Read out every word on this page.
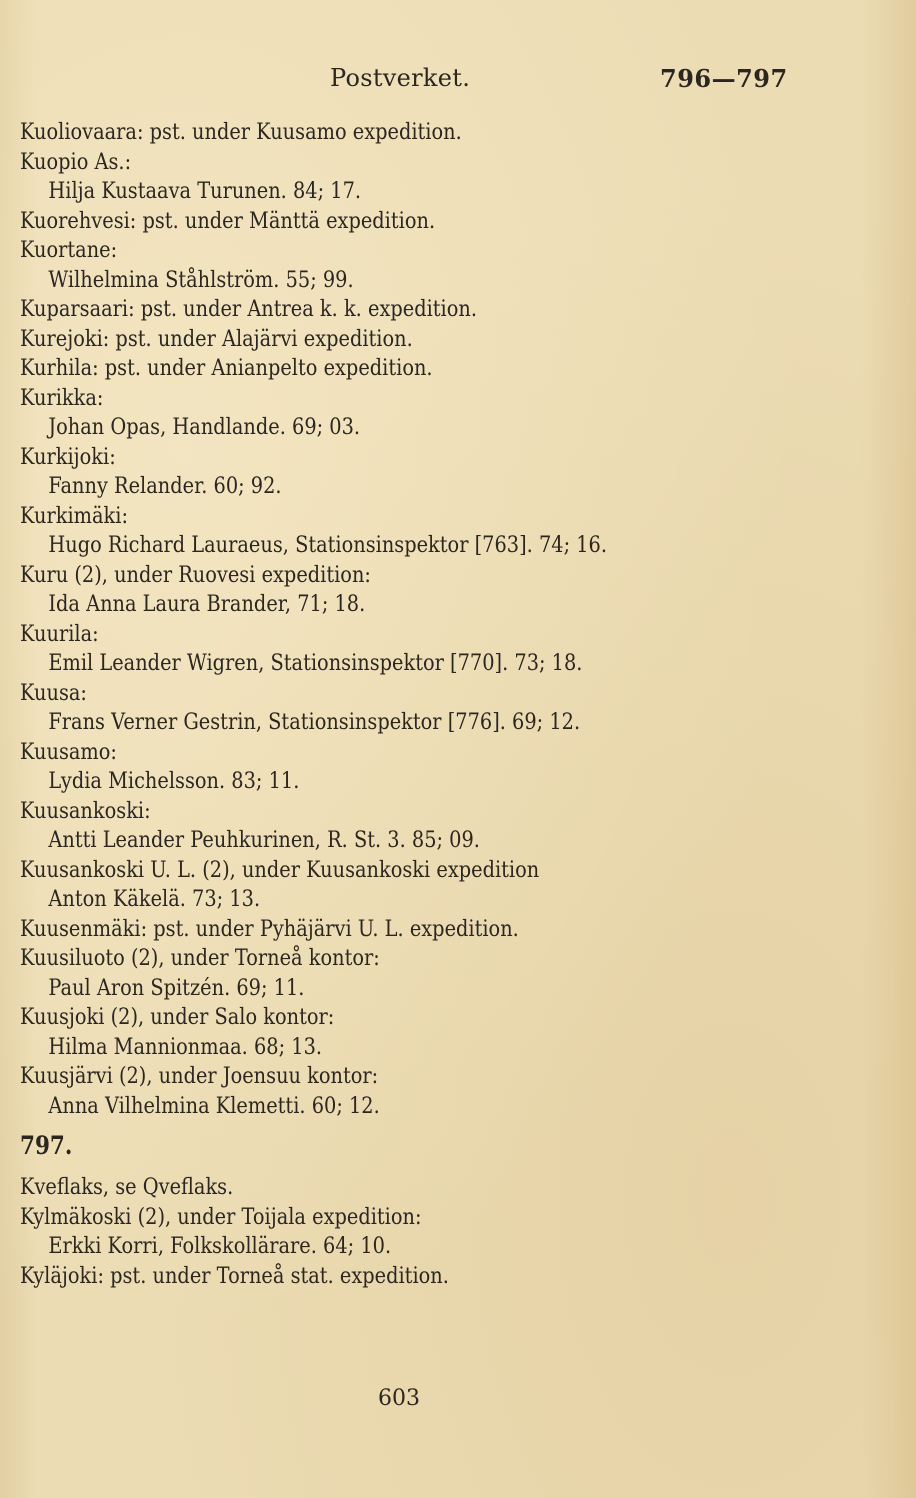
Postverket.	796—797
Kuoliovaara: pst. under Kuusamo expedition.
Kuopio As.:
Hilja Kustaava Turunen. 84; 17.
Kuorehvesi: pst. under Mänttä expedition.
Kuortane:
Wilhelmina Ståhlström. 55; 99.
Kuparsaari: pst. under Antrea k. k. expedition.
Kurejoki: pst. under Alajärvi expedition.
Kurhila: pst. under Anianpelto expedition.
Kurikka:
Johan Opas, Handlande. 69; 03.
Kurkijoki:
Fanny Relander. 60; 92.
Kurkimäki:
Hugo Richard Lauraeus, Stationsinspektor [763]. 74; 16.
Kuru (2), under Ruovesi expedition:
Ida Anna Laura Brander, 71; 18.
Kuurila:
Emil Leander Wigren, Stationsinspektor [770]. 73; 18.
Kuusa:
Frans Verner Gestrin, Stationsinspektor [776]. 69; 12.
Kuusamo:
Lydia Michelsson. 83; 11.
Kuusankoski:
Antti Leander Peuhkurinen, R. St. 3. 85; 09.
Kuusankoski U. L. (2), under Kuusankoski expedition
Anton Käkelä. 73; 13.
Kuusenmäki: pst. under Pyhäjärvi U. L. expedition.
Kuusiluoto (2), under Torneå kontor:
Paul Aron Spitzén. 69; 11.
Kuusjoki (2), under Salo kontor:
Hilma Mannionmaa. 68; 13.
Kuusjärvi (2), under Joensuu kontor:
Anna Vilhelmina Klemetti. 60; 12.
797.
Kveflaks, se Qveflaks.
Kylmäkoski (2), under Toijala expedition:
Erkki Korri, Folkskollärare. 64; 10.
Kyläjoki: pst. under Torneå stat. expedition.
603
